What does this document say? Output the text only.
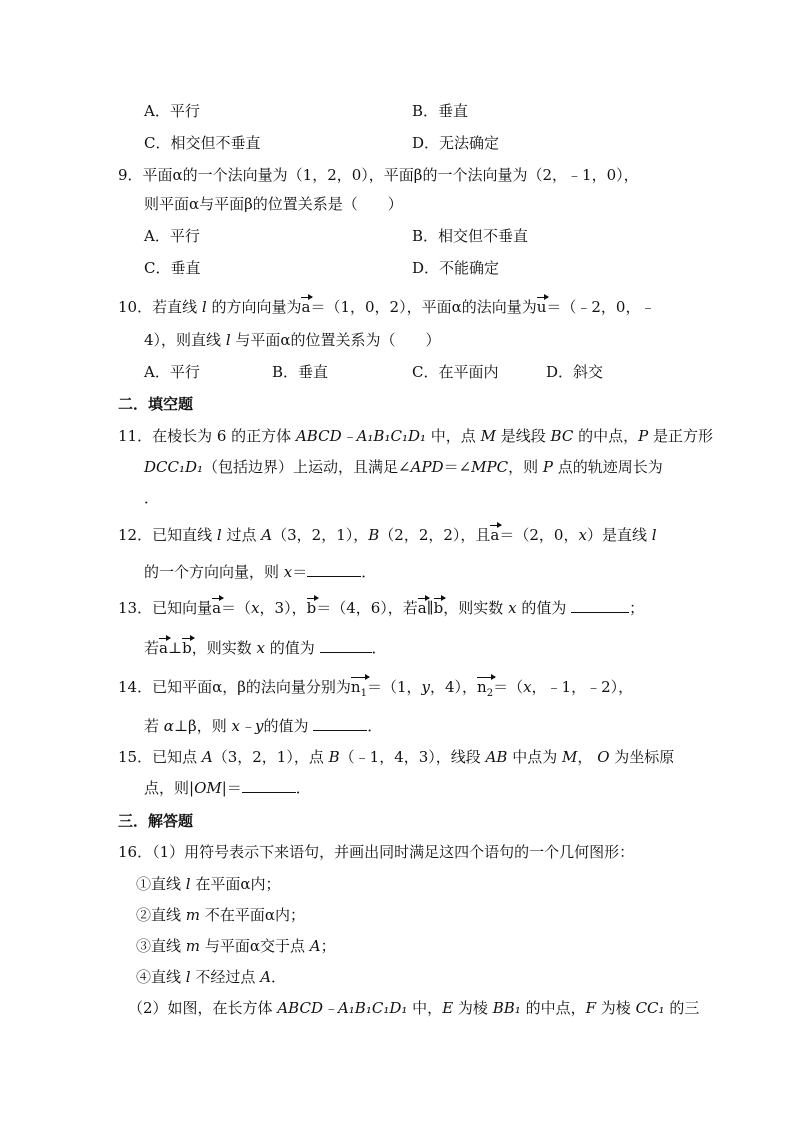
A．平行	B．垂直
C．相交但不垂直	D．无法确定
9．平面α的一个法向量为（1，2，0），平面β的一个法向量为（2，﹣1，0），
则平面α与平面β的位置关系是（　　）
A．平行	B．相交但不垂直
C．垂直	D．不能确定
10．若直线 l 的方向向量为a＝（1，0，2），平面α的法向量为u＝（﹣2，0，﹣
4），则直线 l 与平面α的位置关系为（　　）
A．平行	B．垂直	C．在平面内	D．斜交
二．填空题
11．在棱长为 6 的正方体 ABCD﹣A₁B₁C₁D₁ 中，点 M 是线段 BC 的中点，P 是正方形
DCC₁D₁（包括边界）上运动，且满足∠APD＝∠MPC，则 P 点的轨迹周长为
．
12．已知直线 l 过点 A（3，2，1），B（2，2，2），且a＝（2，0，x）是直线 l
的一个方向向量，则 x＝	．
13．已知向量a＝（x，3），b＝（4，6），若a∥b，则实数 x 的值为	；
若a⊥b，则实数 x 的值为	．
14．已知平面α，β的法向量分别为$n_1=(1$，y，4），$n_2=(x$，﹣1，﹣2），
若 α⊥β，则 x﹣y的值为	．
15．已知点 A（3，2，1），点 B（﹣1，4，3），线段 AB 中点为 M， O 为坐标原
点，则|OM|＝	．
三．解答题
16．（1）用符号表示下来语句，并画出同时满足这四个语句的一个几何图形：
①直线 l 在平面α内；
②直线 m 不在平面α内；
③直线 m 与平面α交于点 A；
④直线 l 不经过点 A．
（2）如图，在长方体 ABCD﹣A₁B₁C₁D₁ 中，E 为棱 BB₁ 的中点，F 为棱 CC₁ 的三
